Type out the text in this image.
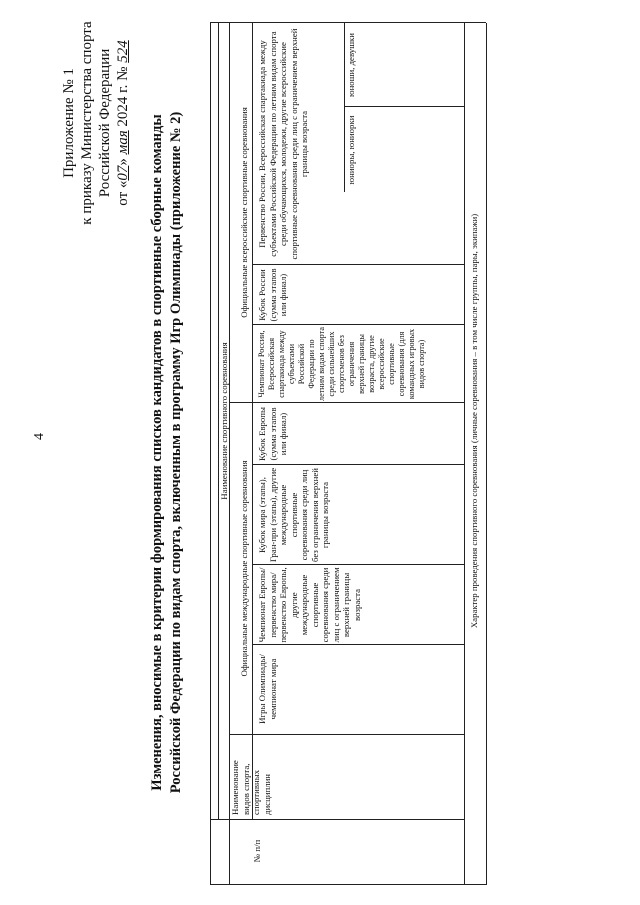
4
Приложение № 1 к приказу Министерства спорта Российской Федерации от «07» мая 2024 г. № 524
Изменения, вносимые в критерии формирования списков кандидатов в спортивные сборные команды Российской Федерации по видам спорта, включенным в программу Игр Олимпиады (приложение № 2)
№ п/п
Наименование видов спорта, спортивных дисциплин
Наименование спортивного соревнования
Официальные международные спортивные соревнования
Официальные всероссийские спортивные соревнования
Игры Олимпиады/ чемпионат мира
Чемпионат Европы/ первенство мира/ первенство Европы, другие международные спортивные соревнования среди лиц с ограничением верхней границы возраста
Кубок мира (этапы), Гран-при (этапы), другие международные спортивные соревнования среди лиц без ограничения верхней границы возраста
Кубок Европы (сумма этапов или финал)
Чемпионат России, Всероссийская спартакиада между субъектами Российской Федерации по летним видам спорта среди сильнейших спортсменов без ограничения верхней границы возраста, другие всероссийские спортивные соревнования (для командных игровых видов спорта)
Кубок России (сумма этапов или финал)
Первенство России, Всероссийская спартакиада между субъектами Российской Федерации по летним видам спорта среди обучающихся, молодежи, другие всероссийские спортивные соревнования среди лиц с ограничением верхней границы возраста	юниоры, юниорки
юноши, девушки
Характер проведения спортивного соревнования (личные соревнования – в том числе группы, пары, экипажи)
